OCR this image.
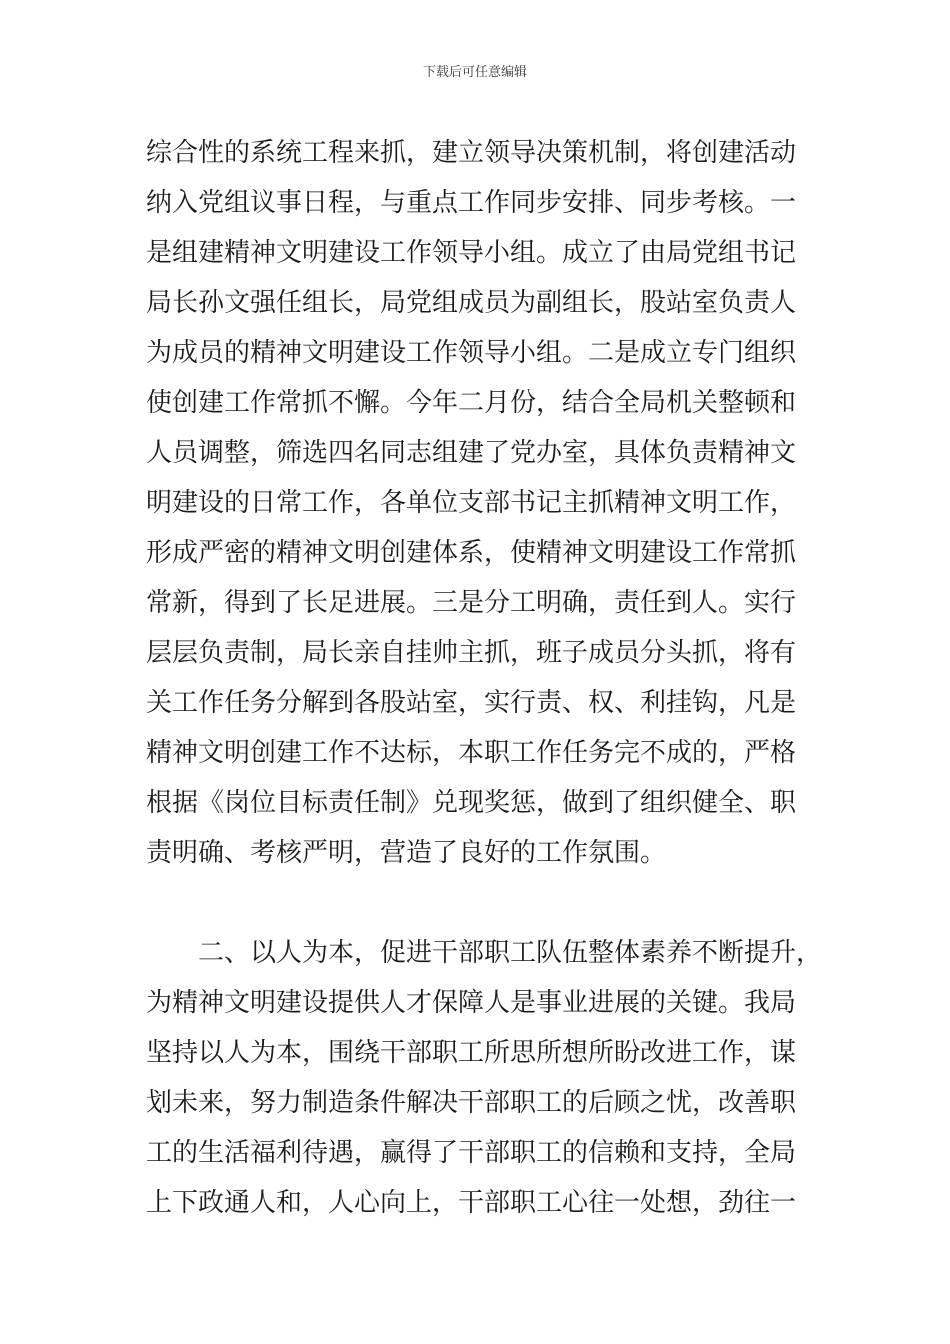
下载后可任意编辑
综合性的系统工程来抓，建立领导决策机制，将创建活动
纳入党组议事日程，与重点工作同步安排、同步考核。一
是组建精神文明建设工作领导小组。成立了由局党组书记
局长孙文强任组长，局党组成员为副组长，股站室负责人
为成员的精神文明建设工作领导小组。二是成立专门组织
使创建工作常抓不懈。今年二月份，结合全局机关整顿和
人员调整，筛选四名同志组建了党办室，具体负责精神文
明建设的日常工作，各单位支部书记主抓精神文明工作，
形成严密的精神文明创建体系，使精神文明建设工作常抓
常新，得到了长足进展。三是分工明确，责任到人。实行
层层负责制，局长亲自挂帅主抓，班子成员分头抓，将有
关工作任务分解到各股站室，实行责、权、利挂钩，凡是
精神文明创建工作不达标，本职工作任务完不成的，严格
根据《岗位目标责任制》兑现奖惩，做到了组织健全、职
责明确、考核严明，营造了良好的工作氛围。
　　二、以人为本，促进干部职工队伍整体素养不断提升，
为精神文明建设提供人才保障人是事业进展的关键。我局
坚持以人为本，围绕干部职工所思所想所盼改进工作，谋
划未来，努力制造条件解决干部职工的后顾之忧，改善职
工的生活福利待遇，赢得了干部职工的信赖和支持，全局
上下政通人和，人心向上，干部职工心往一处想，劲往一
